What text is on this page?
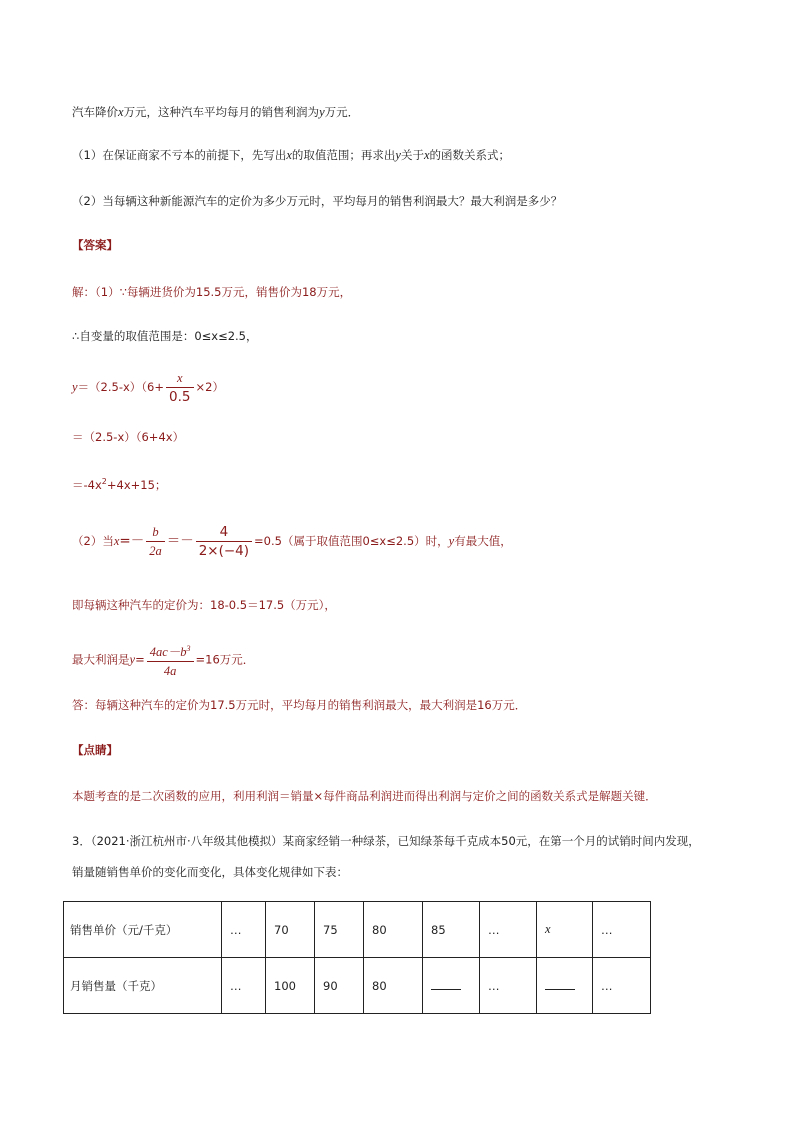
汽车降价x万元，这种汽车平均每月的销售利润为y万元．
（1）在保证商家不亏本的前提下，先写出x的取值范围；再求出y关于x的函数关系式；
（2）当每辆这种新能源汽车的定价为多少万元时，平均每月的销售利润最大？最大利润是多少？
【答案】
解：（1）∵每辆进货价为15.5万元，销售价为18万元，
∴自变量的取值范围是：0≤x≤2.5，
$y=(2.5-x)(6+ \frac{x}{0.5} \times 2)$
＝（2.5-x）（6+4x）
$=-4x^2+4x+15$；
（2）当$x=- \frac{b}{2a} =- \frac{4}{2\times(-4)} =0.5$（属于取值范围0≤x≤2.5）时，y有最大值，
即每辆这种汽车的定价为：18-0.5＝17.5（万元），
最大利润是$y= \frac{4ac-b^3}{4a} =16$万元．
答：每辆这种汽车的定价为17.5万元时，平均每月的销售利润最大，最大利润是16万元．
【点睛】
本题考查的是二次函数的应用，利用利润＝销量×每件商品利润进而得出利润与定价之间的函数关系式是解题关键．
3．（2021·浙江杭州市·八年级其他模拟）某商家经销一种绿茶，已知绿茶每千克成本50元，在第一个月的试销时间内发现，
销量随销售单价的变化而变化，具体变化规律如下表：
销售单价（元/千克）	…	70	75	80	85	…	x	…
月销售量（千克）	…	100	90	80		…		…
